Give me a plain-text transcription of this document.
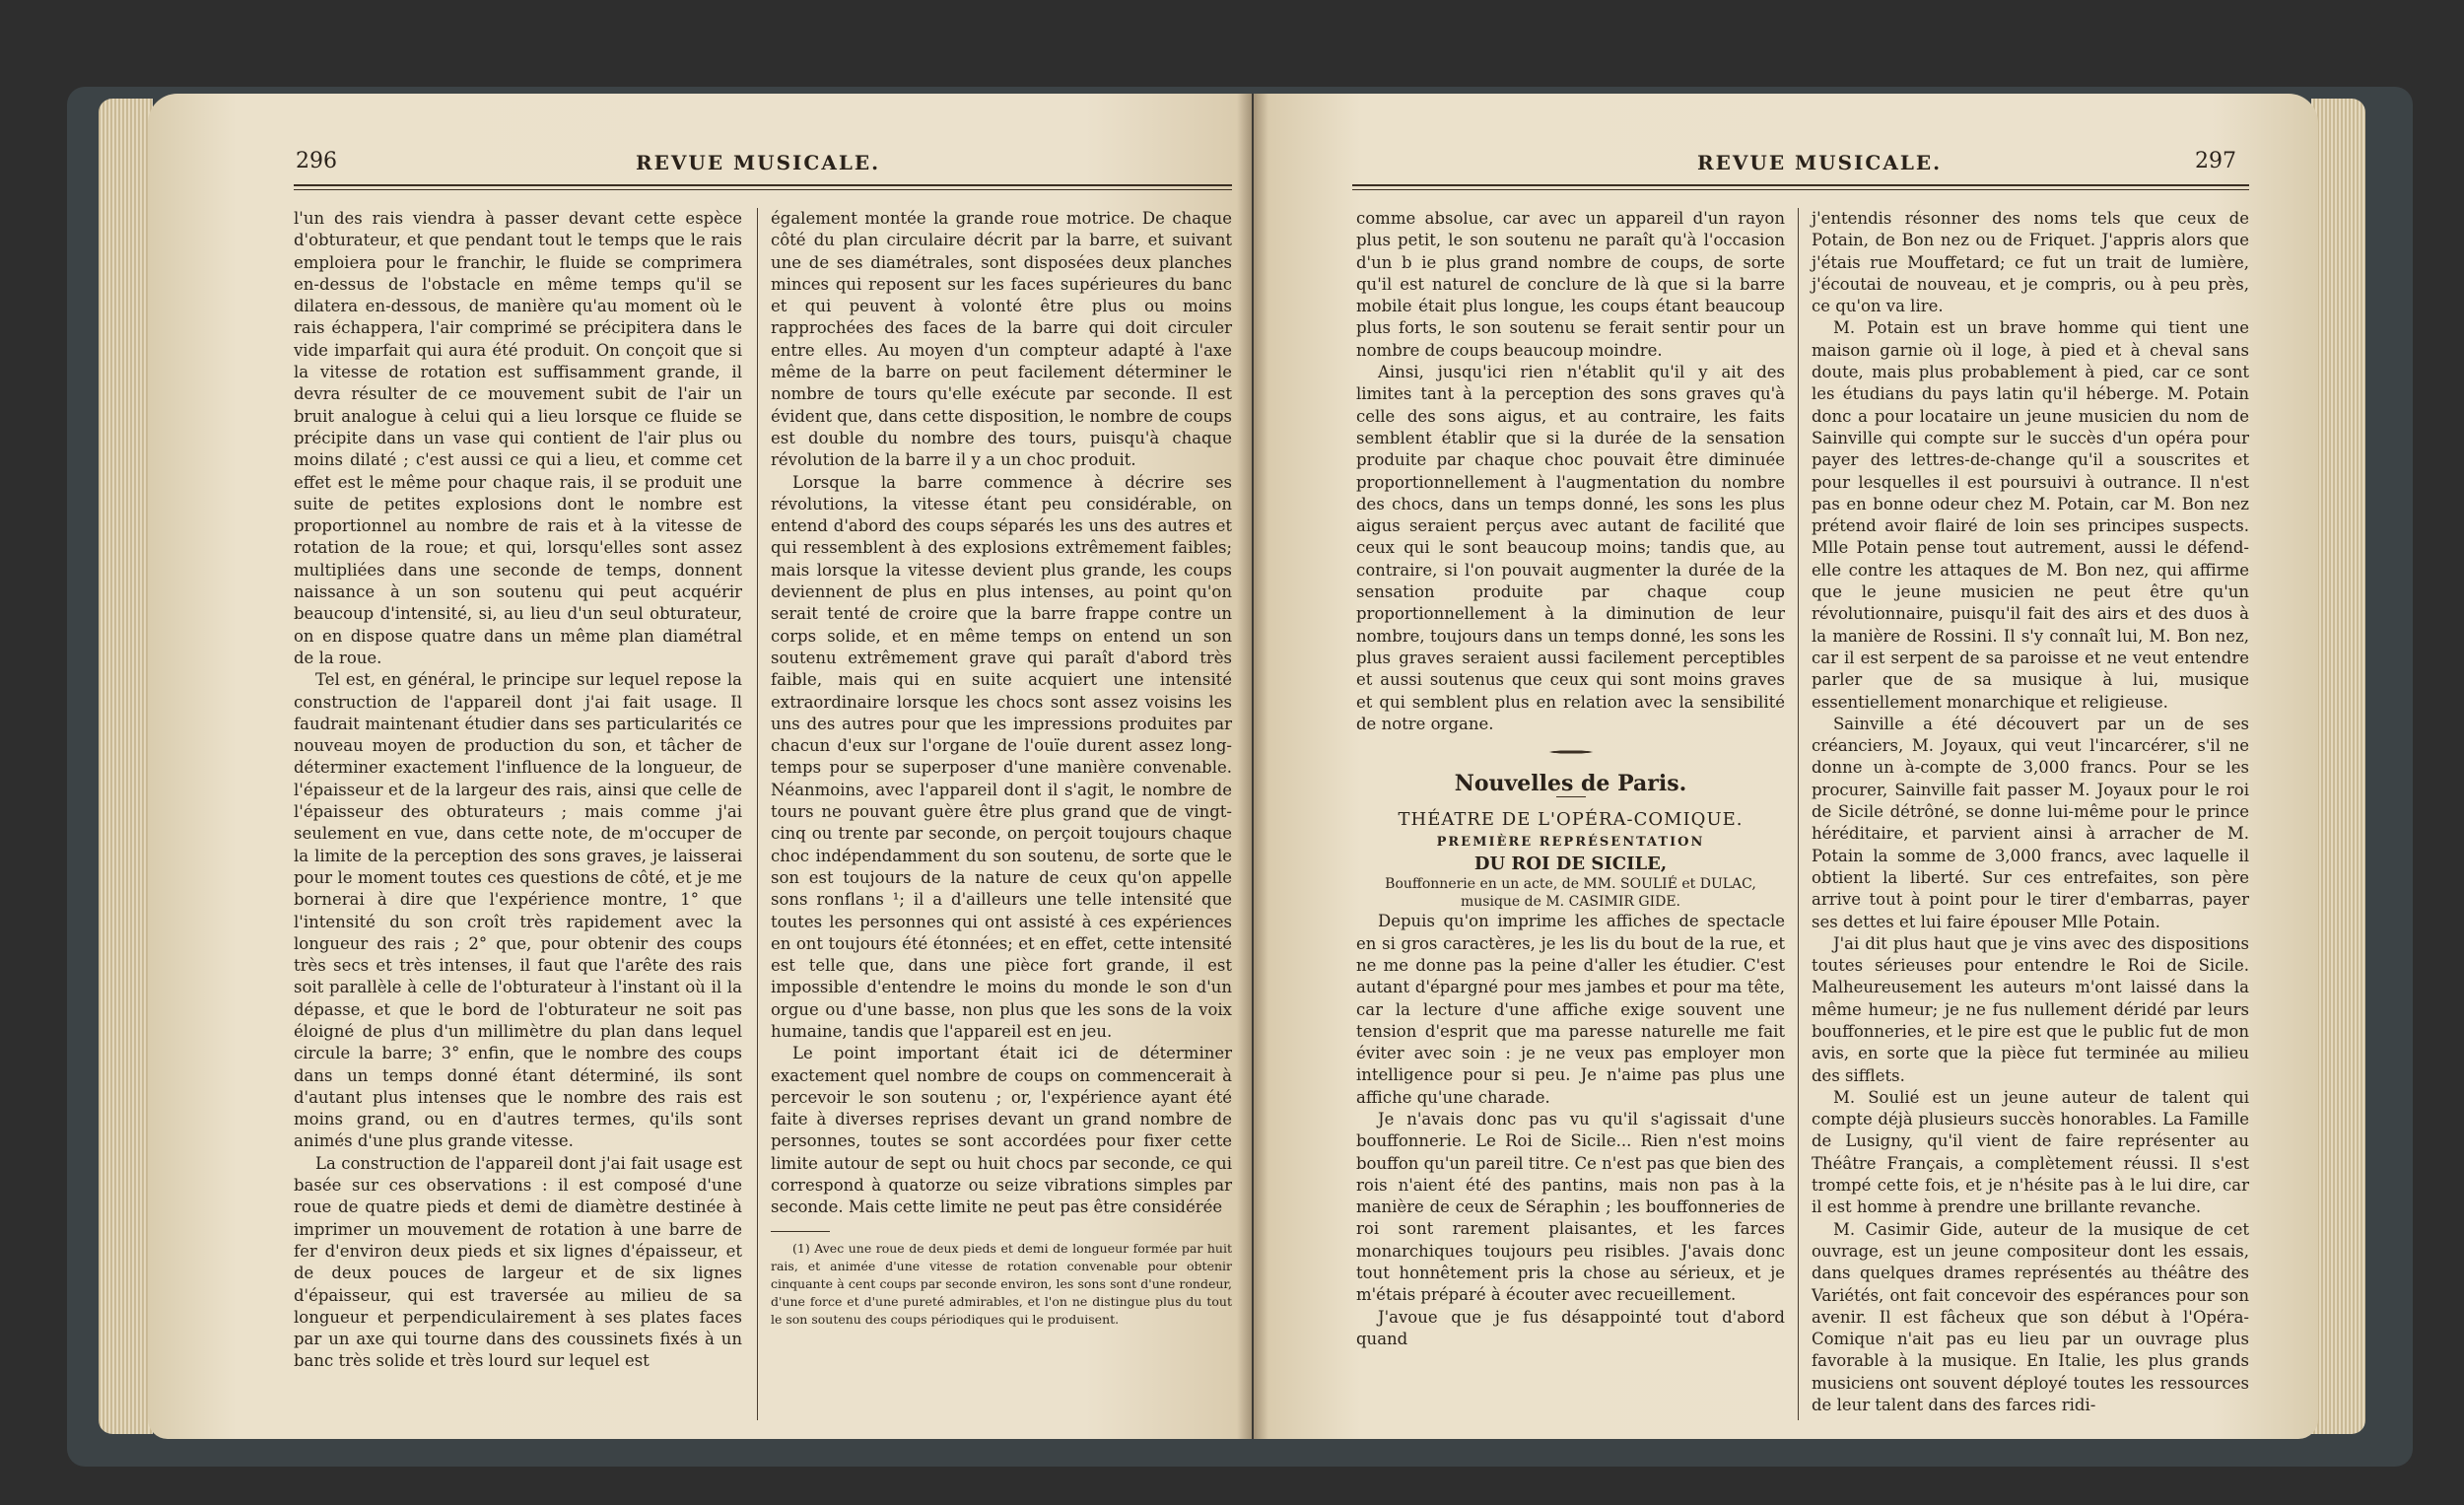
296	REVUE MUSICALE.

l'un des rais viendra à passer devant cette espèce d'obturateur, et que pendant tout le temps que le rais emploiera pour le franchir, le fluide se comprimera en-dessus de l'obstacle en même temps qu'il se dilatera en-dessous, de manière qu'au moment où le rais échappera, l'air comprimé se précipitera dans le vide imparfait qui aura été produit. On conçoit que si la vitesse de rotation est suffisamment grande, il devra résulter de ce mouvement subit de l'air un bruit analogue à celui qui a lieu lorsque ce fluide se précipite dans un vase qui contient de l'air plus ou moins dilaté ; c'est aussi ce qui a lieu, et comme cet effet est le même pour chaque rais, il se produit une suite de petites explosions dont le nombre est proportionnel au nombre de rais et à la vitesse de rotation de la roue; et qui, lorsqu'elles sont assez multipliées dans une seconde de temps, donnent naissance à un son soutenu qui peut acquérir beaucoup d'intensité, si, au lieu d'un seul obturateur, on en dispose quatre dans un même plan diamétral de la roue.

Tel est, en général, le principe sur lequel repose la construction de l'appareil dont j'ai fait usage. Il faudrait maintenant étudier dans ses particularités ce nouveau moyen de production du son, et tâcher de déterminer exactement l'influence de la longueur, de l'épaisseur et de la largeur des rais, ainsi que celle de l'épaisseur des obturateurs ; mais comme j'ai seulement en vue, dans cette note, de m'occuper de la limite de la perception des sons graves, je laisserai pour le moment toutes ces questions de côté, et je me bornerai à dire que l'expérience montre, 1° que l'intensité du son croît très rapidement avec la longueur des rais ; 2° que, pour obtenir des coups très secs et très intenses, il faut que l'arête des rais soit parallèle à celle de l'obturateur à l'instant où il la dépasse, et que le bord de l'obturateur ne soit pas éloigné de plus d'un millimètre du plan dans lequel circule la barre; 3° enfin, que le nombre des coups dans un temps donné étant déterminé, ils sont d'autant plus intenses que le nombre des rais est moins grand, ou en d'autres termes, qu'ils sont animés d'une plus grande vitesse.

La construction de l'appareil dont j'ai fait usage est basée sur ces observations : il est composé d'une roue de quatre pieds et demi de diamètre destinée à imprimer un mouvement de rotation à une barre de fer d'environ deux pieds et six lignes d'épaisseur, et de deux pouces de largeur et de six lignes d'épaisseur, qui est traversée au milieu de sa longueur et perpendiculairement à ses plates faces par un axe qui tourne dans des coussinets fixés à un banc très solide et très lourd sur lequel est

également montée la grande roue motrice. De chaque côté du plan circulaire décrit par la barre, et suivant une de ses diamétrales, sont disposées deux planches minces qui reposent sur les faces supérieures du banc et qui peuvent à volonté être plus ou moins rapprochées des faces de la barre qui doit circuler entre elles. Au moyen d'un compteur adapté à l'axe même de la barre on peut facilement déterminer le nombre de tours qu'elle exécute par seconde. Il est évident que, dans cette disposition, le nombre de coups est double du nombre des tours, puisqu'à chaque révolution de la barre il y a un choc produit.

Lorsque la barre commence à décrire ses révolutions, la vitesse étant peu considérable, on entend d'abord des coups séparés les uns des autres et qui ressemblent à des explosions extrêmement faibles; mais lorsque la vitesse devient plus grande, les coups deviennent de plus en plus intenses, au point qu'on serait tenté de croire que la barre frappe contre un corps solide, et en même temps on entend un son soutenu extrêmement grave qui paraît d'abord très faible, mais qui en suite acquiert une intensité extraordinaire lorsque les chocs sont assez voisins les uns des autres pour que les impressions produites par chacun d'eux sur l'organe de l'ouïe durent assez long-temps pour se superposer d'une manière convenable. Néanmoins, avec l'appareil dont il s'agit, le nombre de tours ne pouvant guère être plus grand que de vingt-cinq ou trente par seconde, on perçoit toujours chaque choc indépendamment du son soutenu, de sorte que le son est toujours de la nature de ceux qu'on appelle sons ronflans ¹; il a d'ailleurs une telle intensité que toutes les personnes qui ont assisté à ces expériences en ont toujours été étonnées; et en effet, cette intensité est telle que, dans une pièce fort grande, il est impossible d'entendre le moins du monde le son d'un orgue ou d'une basse, non plus que les sons de la voix humaine, tandis que l'appareil est en jeu.

Le point important était ici de déterminer exactement quel nombre de coups on commencerait à percevoir le son soutenu ; or, l'expérience ayant été faite à diverses reprises devant un grand nombre de personnes, toutes se sont accordées pour fixer cette limite autour de sept ou huit chocs par seconde, ce qui correspond à quatorze ou seize vibrations simples par seconde. Mais cette limite ne peut pas être considérée

(1) Avec une roue de deux pieds et demi de longueur formée par huit rais, et animée d'une vitesse de rotation convenable pour obtenir cinquante à cent coups par seconde environ, les sons sont d'une rondeur, d'une force et d'une pureté admirables, et l'on ne distingue plus du tout le son soutenu des coups périodiques qui le produisent.

REVUE MUSICALE.	297

comme absolue, car avec un appareil d'un rayon plus petit, le son soutenu ne paraît qu'à l'occasion d'un b ie plus grand nombre de coups, de sorte qu'il est naturel de conclure de là que si la barre mobile était plus longue, les coups étant beaucoup plus forts, le son soutenu se ferait sentir pour un nombre de coups beaucoup moindre.

Ainsi, jusqu'ici rien n'établit qu'il y ait des limites tant à la perception des sons graves qu'à celle des sons aigus, et au contraire, les faits semblent établir que si la durée de la sensation produite par chaque choc pouvait être diminuée proportionnellement à l'augmentation du nombre des chocs, dans un temps donné, les sons les plus aigus seraient perçus avec autant de facilité que ceux qui le sont beaucoup moins; tandis que, au contraire, si l'on pouvait augmenter la durée de la sensation produite par chaque coup proportionnellement à la diminution de leur nombre, toujours dans un temps donné, les sons les plus graves seraient aussi facilement perceptibles et aussi soutenus que ceux qui sont moins graves et qui semblent plus en relation avec la sensibilité de notre organe.

Nouvelles de Paris.

THÉATRE DE L'OPÉRA-COMIQUE.

PREMIÈRE REPRÉSENTATION

DU ROI DE SICILE,

Bouffonnerie en un acte, de MM. SOULIÉ et DULAC, musique de M. CASIMIR GIDE.

Depuis qu'on imprime les affiches de spectacle en si gros caractères, je les lis du bout de la rue, et ne me donne pas la peine d'aller les étudier. C'est autant d'épargné pour mes jambes et pour ma tête, car la lecture d'une affiche exige souvent une tension d'esprit que ma paresse naturelle me fait éviter avec soin : je ne veux pas employer mon intelligence pour si peu. Je n'aime pas plus une affiche qu'une charade.

Je n'avais donc pas vu qu'il s'agissait d'une bouffonnerie. Le Roi de Sicile... Rien n'est moins bouffon qu'un pareil titre. Ce n'est pas que bien des rois n'aient été des pantins, mais non pas à la manière de ceux de Séraphin ; les bouffonneries de roi sont rarement plaisantes, et les farces monarchiques toujours peu risibles. J'avais donc tout honnêtement pris la chose au sérieux, et je m'étais préparé à écouter avec recueillement.

J'avoue que je fus désappointé tout d'abord quand

j'entendis résonner des noms tels que ceux de Potain, de Bon nez ou de Friquet. J'appris alors que j'étais rue Mouffetard; ce fut un trait de lumière, j'écoutai de nouveau, et je compris, ou à peu près, ce qu'on va lire.

M. Potain est un brave homme qui tient une maison garnie où il loge, à pied et à cheval sans doute, mais plus probablement à pied, car ce sont les étudians du pays latin qu'il héberge. M. Potain donc a pour locataire un jeune musicien du nom de Sainville qui compte sur le succès d'un opéra pour payer des lettres-de-change qu'il a souscrites et pour lesquelles il est poursuivi à outrance. Il n'est pas en bonne odeur chez M. Potain, car M. Bon nez prétend avoir flairé de loin ses principes suspects. Mlle Potain pense tout autrement, aussi le défend-elle contre les attaques de M. Bon nez, qui affirme que le jeune musicien ne peut être qu'un révolutionnaire, puisqu'il fait des airs et des duos à la manière de Rossini. Il s'y connaît lui, M. Bon nez, car il est serpent de sa paroisse et ne veut entendre parler que de sa musique à lui, musique essentiellement monarchique et religieuse.

Sainville a été découvert par un de ses créanciers, M. Joyaux, qui veut l'incarcérer, s'il ne donne un à-compte de 3,000 francs. Pour se les procurer, Sainville fait passer M. Joyaux pour le roi de Sicile détrôné, se donne lui-même pour le prince héréditaire, et parvient ainsi à arracher de M. Potain la somme de 3,000 francs, avec laquelle il obtient la liberté. Sur ces entrefaites, son père arrive tout à point pour le tirer d'embarras, payer ses dettes et lui faire épouser Mlle Potain.

J'ai dit plus haut que je vins avec des dispositions toutes sérieuses pour entendre le Roi de Sicile. Malheureusement les auteurs m'ont laissé dans la même humeur; je ne fus nullement déridé par leurs bouffonneries, et le pire est que le public fut de mon avis, en sorte que la pièce fut terminée au milieu des sifflets.

M. Soulié est un jeune auteur de talent qui compte déjà plusieurs succès honorables. La Famille de Lusigny, qu'il vient de faire représenter au Théâtre Français, a complètement réussi. Il s'est trompé cette fois, et je n'hésite pas à le lui dire, car il est homme à prendre une brillante revanche.

M. Casimir Gide, auteur de la musique de cet ouvrage, est un jeune compositeur dont les essais, dans quelques drames représentés au théâtre des Variétés, ont fait concevoir des espérances pour son avenir. Il est fâcheux que son début à l'Opéra-Comique n'ait pas eu lieu par un ouvrage plus favorable à la musique. En Italie, les plus grands musiciens ont souvent déployé toutes les ressources de leur talent dans des farces ridi-
